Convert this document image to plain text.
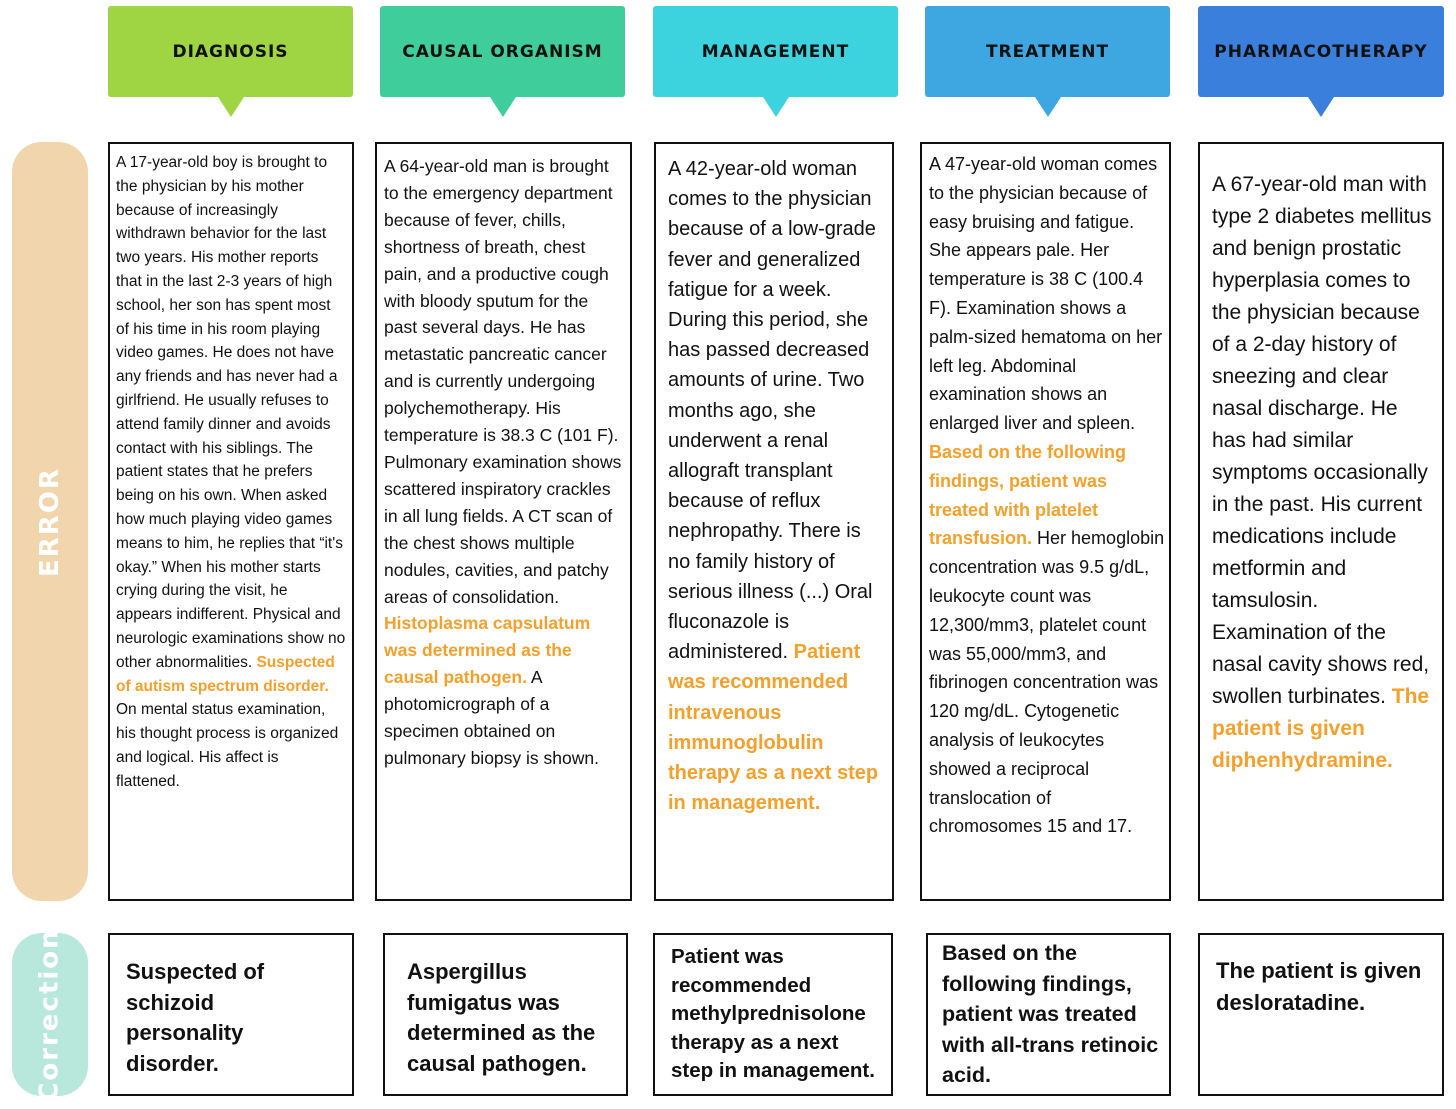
ERROR
Correction
DIAGNOSIS

A 17-year-old boy is brought to the physician by his mother because of increasingly withdrawn behavior for the last two years. His mother reports that in the last 2-3 years of high school, her son has spent most of his time in his room playing video games. He does not have any friends and has never had a girlfriend. He usually refuses to attend family dinner and avoids contact with his siblings. The patient states that he prefers being on his own. When asked how much playing video games means to him, he replies that “it's okay.” When his mother starts crying during the visit, he appears indifferent. Physical and neurologic examinations show no other abnormalities. Suspected of autism spectrum disorder. On mental status examination, his thought process is organized and logical. His affect is flattened.

Suspected of schizoid personality disorder.

CAUSAL ORGANISM

A 64-year-old man is brought to the emergency department because of fever, chills, shortness of breath, chest pain, and a productive cough with bloody sputum for the past several days. He has metastatic pancreatic cancer and is currently undergoing polychemotherapy. His temperature is 38.3 C (101 F). Pulmonary examination shows scattered inspiratory crackles in all lung fields. A CT scan of the chest shows multiple nodules, cavities, and patchy areas of consolidation. Histoplasma capsulatum was determined as the causal pathogen. A photomicrograph of a specimen obtained on pulmonary biopsy is shown.

Aspergillus fumigatus was determined as the causal pathogen.

MANAGEMENT

A 42-year-old woman comes to the physician because of a low-grade fever and generalized fatigue for a week. During this period, she has passed decreased amounts of urine. Two months ago, she underwent a renal allograft transplant because of reflux nephropathy. There is no family history of serious illness (...) Oral fluconazole is administered. Patient was recommended intravenous immunoglobulin therapy as a next step in management.

Patient was recommended methylprednisolone therapy as a next step in management.

TREATMENT

A 47-year-old woman comes to the physician because of easy bruising and fatigue. She appears pale. Her temperature is 38 C (100.4 F). Examination shows a palm-sized hematoma on her left leg. Abdominal examination shows an enlarged liver and spleen. Based on the following findings, patient was treated with platelet transfusion. Her hemoglobin concentration was 9.5 g/dL, leukocyte count was 12,300/mm3, platelet count was 55,000/mm3, and fibrinogen concentration was 120 mg/dL. Cytogenetic analysis of leukocytes showed a reciprocal translocation of chromosomes 15 and 17.

Based on the following findings, patient was treated with all-trans retinoic acid.

PHARMACOTHERAPY

A 67-year-old man with type 2 diabetes mellitus and benign prostatic hyperplasia comes to the physician because of a 2-day history of sneezing and clear nasal discharge. He has had similar symptoms occasionally in the past. His current medications include metformin and tamsulosin. Examination of the nasal cavity shows red, swollen turbinates. The patient is given diphenhydramine.

The patient is given desloratadine.
